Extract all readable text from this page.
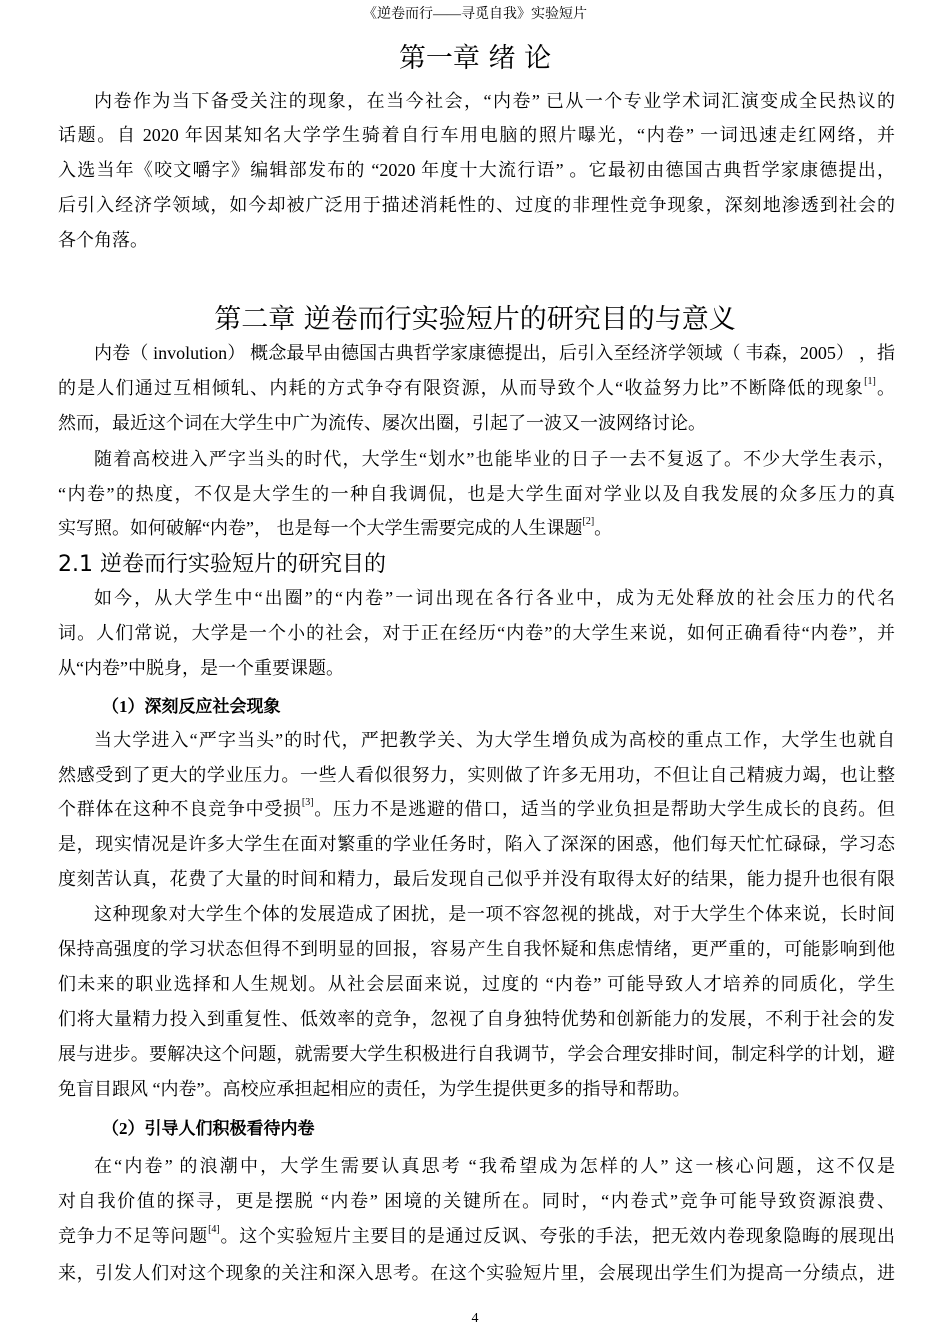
《逆卷而行——寻觅自我》实验短片
第一章 绪 论
第二章 逆卷而行实验短片的研究目的与意义
2.1 逆卷而行实验短片的研究目的
（1）深刻反应社会现象
（2）引导人们积极看待内卷
内卷作为当下备受关注的现象，在当今社会，“内卷” 已从一个专业学术词汇演变成全民热议的
话题。自 2020 年因某知名大学学生骑着自行车用电脑的照片曝光，“内卷” 一词迅速走红网络，并
入选当年《咬文嚼字》编辑部发布的 “2020 年度十大流行语” 。它最初由德国古典哲学家康德提出，
后引入经济学领域，如今却被广泛用于描述消耗性的、过度的非理性竞争现象，深刻地渗透到社会的
各个角落。
内卷（ involution） 概念最早由德国古典哲学家康德提出，后引入至经济学领域（ 韦森，2005） ，指
的是人们通过互相倾轧、内耗的方式争夺有限资源，从而导致个人“收益努力比”不断降低的现象[1]。
然而，最近这个词在大学生中广为流传、屡次出圈，引起了一波又一波网络讨论。
随着高校进入严字当头的时代，大学生“划水”也能毕业的日子一去不复返了。不少大学生表示，
“内卷”的热度，不仅是大学生的一种自我调侃，也是大学生面对学业以及自我发展的众多压力的真
实写照。如何破解“内卷”， 也是每一个大学生需要完成的人生课题[2]。
如今，从大学生中“出圈”的“内卷”一词出现在各行各业中，成为无处释放的社会压力的代名
词。人们常说，大学是一个小的社会，对于正在经历“内卷”的大学生来说，如何正确看待“内卷”，并
从“内卷”中脱身，是一个重要课题。
当大学进入“严字当头”的时代，严把教学关、为大学生增负成为高校的重点工作，大学生也就自
然感受到了更大的学业压力。一些人看似很努力，实则做了许多无用功，不但让自己精疲力竭，也让整
个群体在这种不良竞争中受损[3]。压力不是逃避的借口，适当的学业负担是帮助大学生成长的良药。但
是，现实情况是许多大学生在面对繁重的学业任务时，陷入了深深的困惑，他们每天忙忙碌碌，学习态
度刻苦认真，花费了大量的时间和精力，最后发现自己似乎并没有取得太好的结果，能力提升也很有限
这种现象对大学生个体的发展造成了困扰，是一项不容忽视的挑战，对于大学生个体来说，长时间
保持高强度的学习状态但得不到明显的回报，容易产生自我怀疑和焦虑情绪，更严重的，可能影响到他
们未来的职业选择和人生规划。从社会层面来说，过度的 “内卷” 可能导致人才培养的同质化，学生
们将大量精力投入到重复性、低效率的竞争，忽视了自身独特优势和创新能力的发展，不利于社会的发
展与进步。要解决这个问题，就需要大学生积极进行自我调节，学会合理安排时间，制定科学的计划，避
免盲目跟风 “内卷”。高校应承担起相应的责任，为学生提供更多的指导和帮助。
在“内卷” 的浪潮中，大学生需要认真思考 “我希望成为怎样的人” 这一核心问题，这不仅是
对自我价值的探寻，更是摆脱 “内卷” 困境的关键所在。同时，“内卷式”竞争可能导致资源浪费、
竞争力不足等问题[4]。这个实验短片主要目的是通过反讽、夸张的手法，把无效内卷现象隐晦的展现出
来，引发人们对这个现象的关注和深入思考。在这个实验短片里，会展现出学生们为提高一分绩点，进
4
